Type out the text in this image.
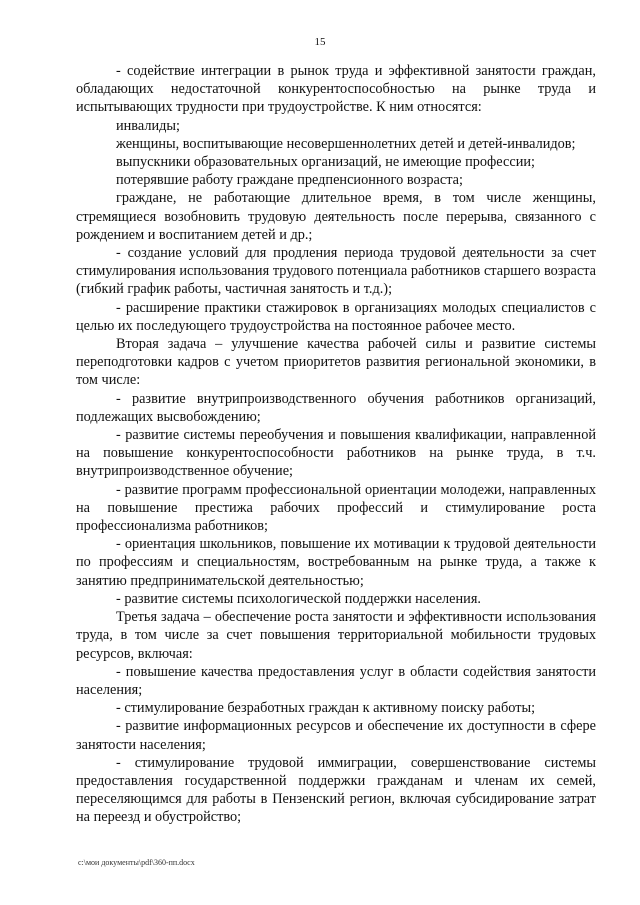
15

- содействие интеграции в рынок труда и эффективной занятости граждан, обладающих недостаточной конкурентоспособностью на рынке труда и испытывающих трудности при трудоустройстве. К ним относятся:

инвалиды;

женщины, воспитывающие несовершеннолетних детей и детей-инвалидов;

выпускники образовательных организаций, не имеющие профессии;

потерявшие работу граждане предпенсионного возраста;

граждане, не работающие длительное время, в том числе женщины, стремящиеся возобновить трудовую деятельность после перерыва, связанного с рождением и воспитанием детей и др.;

- создание условий для продления периода трудовой деятельности за счет стимулирования использования трудового потенциала работников старшего возраста (гибкий график работы, частичная занятость и т.д.);

- расширение практики стажировок в организациях молодых специалистов с целью их последующего трудоустройства на постоянное рабочее место.

Вторая задача – улучшение качества рабочей силы и развитие системы переподготовки кадров с учетом приоритетов развития региональной экономики, в том числе:

- развитие внутрипроизводственного обучения работников организаций, подлежащих высвобождению;

- развитие системы переобучения и повышения квалификации, направленной на повышение конкурентоспособности работников на рынке труда, в т.ч. внутрипроизводственное обучение;

- развитие программ профессиональной ориентации молодежи, направленных на повышение престижа рабочих профессий и стимулирование роста профессионализма работников;

- ориентация школьников, повышение их мотивации к трудовой деятельности по профессиям и специальностям, востребованным на рынке труда, а также к занятию предпринимательской деятельностью;

- развитие системы психологической поддержки населения.

Третья задача – обеспечение роста занятости и эффективности использования труда, в том числе за счет повышения территориальной мобильности трудовых ресурсов, включая:

- повышение качества предоставления услуг в области содействия занятости населения;

- стимулирование безработных граждан к активному поиску работы;

- развитие информационных ресурсов и обеспечение их доступности в сфере занятости населения;

- стимулирование трудовой иммиграции, совершенствование системы предоставления государственной поддержки гражданам и членам их семей, переселяющимся для работы в Пензенский регион, включая субсидирование затрат на переезд и обустройство;

c:\мои документы\pdf\360-пп.docx
